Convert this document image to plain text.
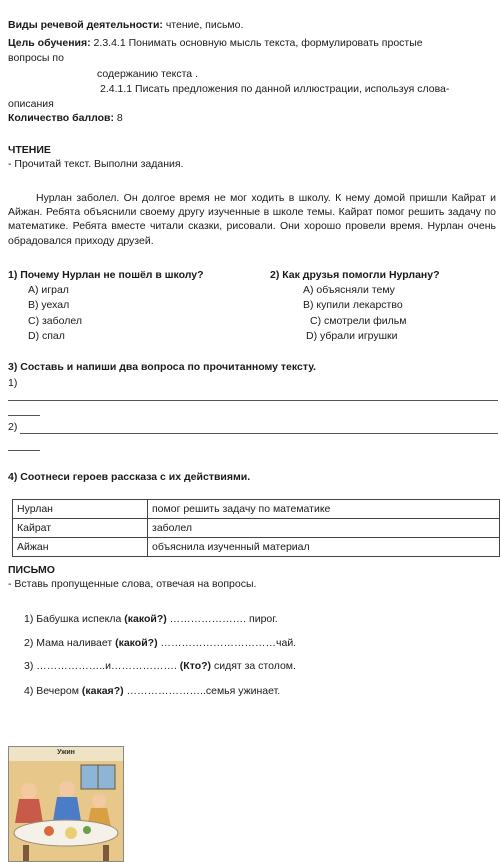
Виды речевой деятельности: чтение, письмо.
Цель обучения: 2.3.4.1 Понимать основную мысль текста, формулировать простые
вопросы по
содержанию текста .
2.4.1.1 Писать предложения по данной иллюстрации, используя слова-
описания
Количество баллов: 8
ЧТЕНИЕ
- Прочитай текст. Выполни задания.
Нурлан заболел. Он долгое время не мог ходить в школу. К нему домой пришли Кайрат и Айжан. Ребята объяснили своему другу изученные в школе темы. Кайрат помог решить задачу по математике. Ребята вместе читали сказки, рисовали. Они хорошо провели время. Нурлан очень обрадовался приходу друзей.
1) Почему Нурлан не пошёл в школу?
А) играл
В) уехал
С) заболел
D) спал
2) Как друзья помогли Нурлану?
А) объясняли тему
В) купили лекарство
С) смотрели фильм
D) убрали игрушки
3) Составь и напиши два вопроса по прочитанному тексту.
1)
2)
4) Соотнеси героев рассказа с их действиями.
Нурлан	помог решить задачу по математике
Кайрат	заболел
Айжан	объяснила изученный материал
ПИСЬМО
- Вставь пропущенные слова, отвечая на вопросы.
1) Бабушка испекла (какой?) …………………. пирог.
2) Мама наливает (какой?) ……………………………чай.
3) ………………..и………………. (Кто?) сидят за столом.
4) Вечером (какая?) …………………..семья ужинает.
Ужин
